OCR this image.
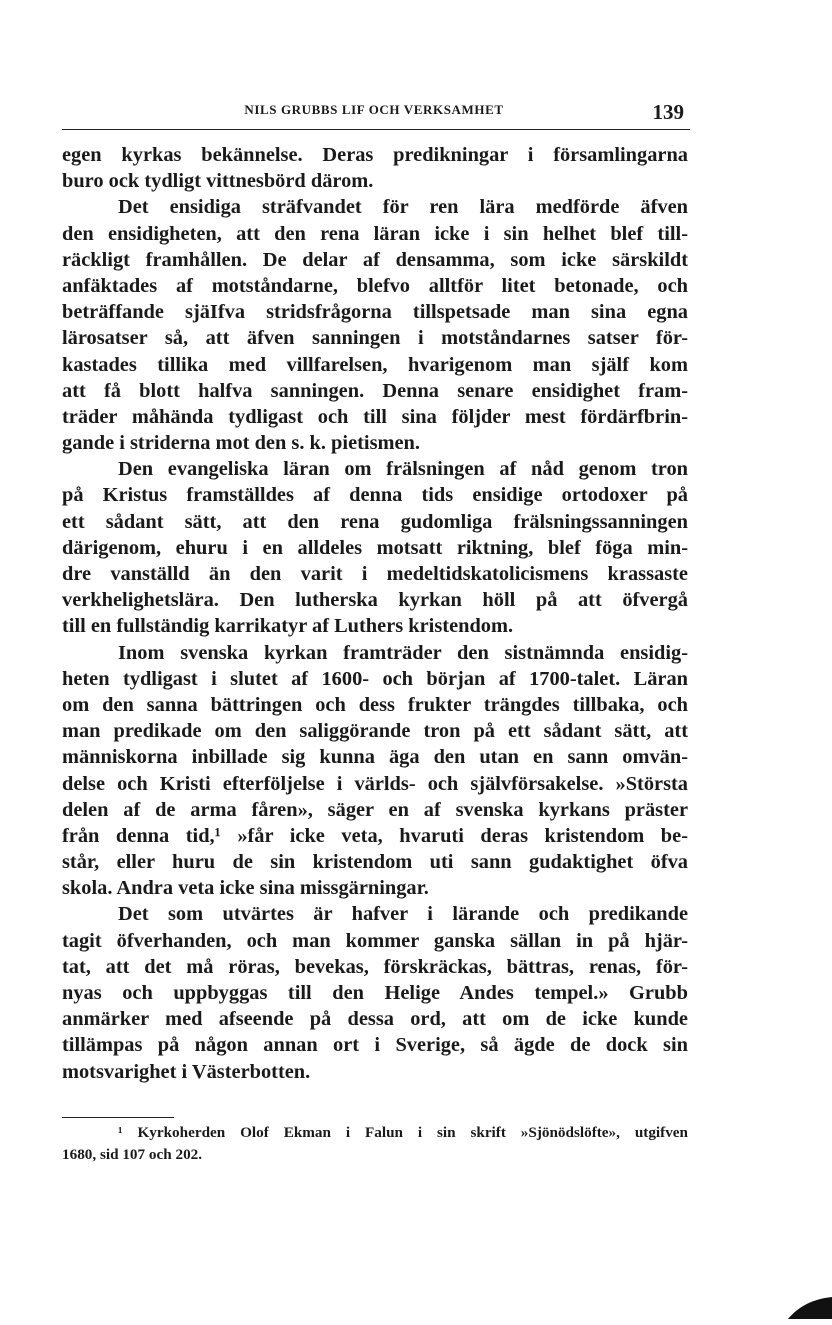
NILS GRUBBS LIF OCH VERKSAMHET	139
egen kyrkas bekännelse. Deras predikningar i församlingarna
buro ock tydligt vittnesbörd därom.
Det ensidiga sträfvandet för ren lära medförde äfven
den ensidigheten, att den rena läran icke i sin helhet blef till-
räckligt framhållen. De delar af densamma, som icke särskildt
anfäktades af motståndarne, blefvo alltför litet betonade, och
beträffande sjäIfva stridsfrågorna tillspetsade man sina egna
lärosatser så, att äfven sanningen i motståndarnes satser för-
kastades tillika med villfarelsen, hvarigenom man själf kom
att få blott halfva sanningen. Denna senare ensidighet fram-
träder måhända tydligast och till sina följder mest fördärfbrin-
gande i striderna mot den s. k. pietismen.
Den evangeliska läran om frälsningen af nåd genom tron
på Kristus framställdes af denna tids ensidige ortodoxer på
ett sådant sätt, att den rena gudomliga frälsningssanningen
därigenom, ehuru i en alldeles motsatt riktning, blef föga min-
dre vanställd än den varit i medeltidskatolicismens krassaste
verkhelighetslära. Den lutherska kyrkan höll på att öfvergå
till en fullständig karrikatyr af Luthers kristendom.
Inom svenska kyrkan framträder den sistnämnda ensidig-
heten tydligast i slutet af 1600- och början af 1700-talet. Läran
om den sanna bättringen och dess frukter trängdes tillbaka, och
man predikade om den saliggörande tron på ett sådant sätt, att
människorna inbillade sig kunna äga den utan en sann omvän-
delse och Kristi efterföljelse i världs- och självförsakelse. »Största
delen af de arma fåren», säger en af svenska kyrkans präster
från denna tid,¹ »får icke veta, hvaruti deras kristendom be-
står, eller huru de sin kristendom uti sann gudaktighet öfva
skola. Andra veta icke sina missgärningar.
Det som utvärtes är hafver i lärande och predikande
tagit öfverhanden, och man kommer ganska sällan in på hjär-
tat, att det må röras, bevekas, förskräckas, bättras, renas, för-
nyas och uppbyggas till den Helige Andes tempel.» Grubb
anmärker med afseende på dessa ord, att om de icke kunde
tillämpas på någon annan ort i Sverige, så ägde de dock sin
motsvarighet i Västerbotten.
¹ Kyrkoherden Olof Ekman i Falun i sin skrift »Sjönödslöfte», utgifven
1680, sid 107 och 202.
